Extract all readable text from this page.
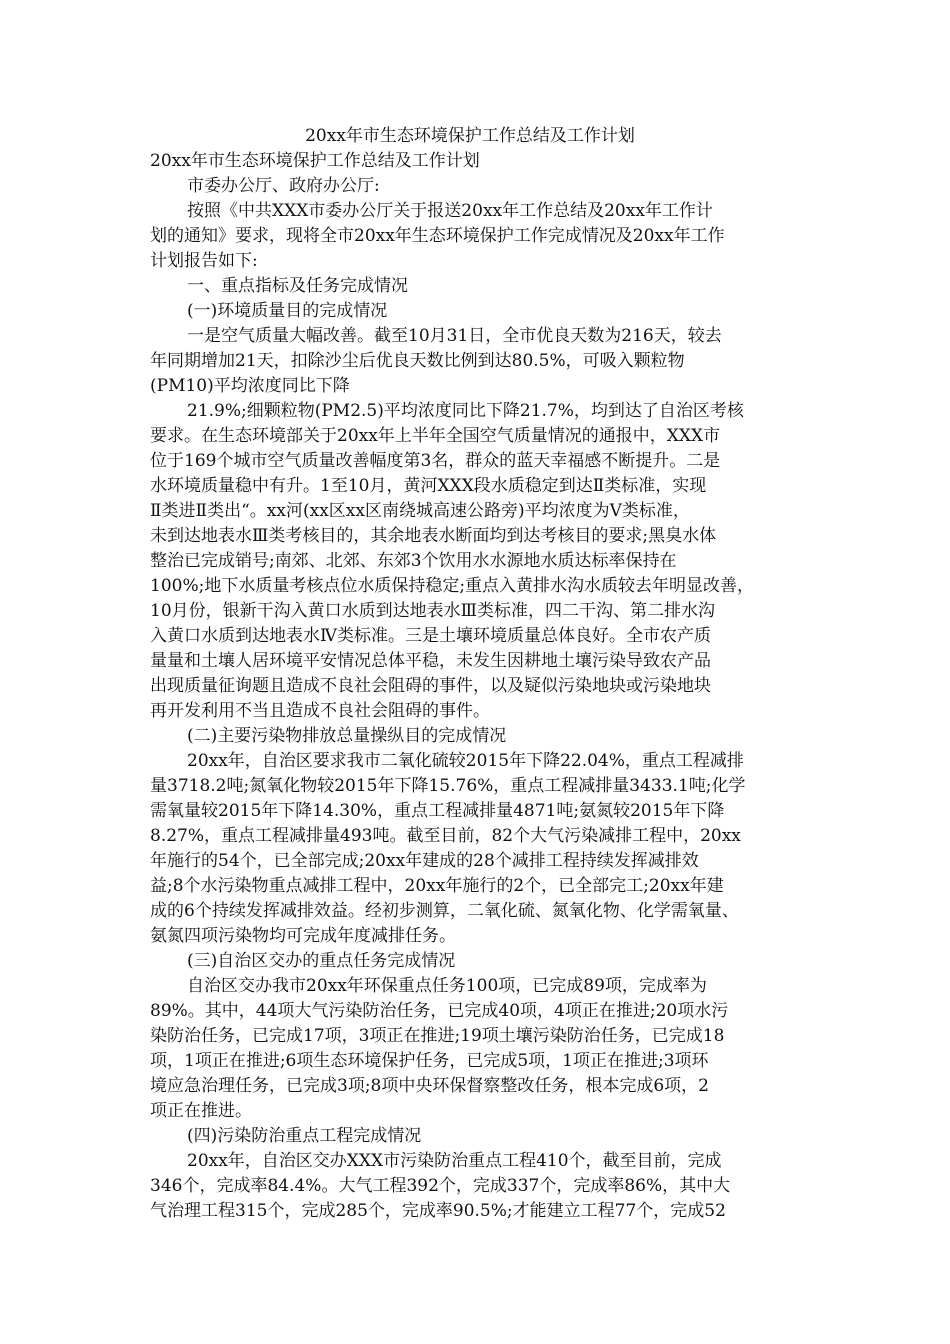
20xx年市生态环境保护工作总结及工作计划

20xx年市生态环境保护工作总结及工作计划

市委办公厅、政府办公厅:

按照《中共XXX市委办公厅关于报送20xx年工作总结及20xx年工作计

划的通知》要求，现将全市20xx年生态环境保护工作完成情况及20xx年工作

计划报告如下:

一、重点指标及任务完成情况

(一)环境质量目的完成情况

一是空气质量大幅改善。截至10月31日，全市优良天数为216天，较去

年同期增加21天，扣除沙尘后优良天数比例到达80.5%，可吸入颗粒物

(PM10)平均浓度同比下降

21.9%;细颗粒物(PM2.5)平均浓度同比下降21.7%，均到达了自治区考核

要求。在生态环境部关于20xx年上半年全国空气质量情况的通报中，XXX市

位于169个城市空气质量改善幅度第3名，群众的蓝天幸福感不断提升。二是

水环境质量稳中有升。1至10月，黄河XXX段水质稳定到达Ⅱ类标准，实现

Ⅱ类进Ⅱ类出“。xx河(xx区xx区南绕城高速公路旁)平均浓度为Ⅴ类标准，

未到达地表水Ⅲ类考核目的，其余地表水断面均到达考核目的要求;黑臭水体

整治已完成销号;南郊、北郊、东郊3个饮用水水源地水质达标率保持在

100%;地下水质量考核点位水质保持稳定;重点入黄排水沟水质较去年明显改善，

10月份，银新干沟入黄口水质到达地表水Ⅲ类标准，四二干沟、第二排水沟

入黄口水质到达地表水Ⅳ类标准。三是土壤环境质量总体良好。全市农产质

量量和土壤人居环境平安情况总体平稳，未发生因耕地土壤污染导致农产品

出现质量征询题且造成不良社会阻碍的事件，以及疑似污染地块或污染地块

再开发利用不当且造成不良社会阻碍的事件。

(二)主要污染物排放总量操纵目的完成情况

20xx年，自治区要求我市二氧化硫较2015年下降22.04%，重点工程减排

量3718.2吨;氮氧化物较2015年下降15.76%，重点工程减排量3433.1吨;化学

需氧量较2015年下降14.30%，重点工程减排量4871吨;氨氮较2015年下降

8.27%，重点工程减排量493吨。截至目前，82个大气污染减排工程中，20xx

年施行的54个，已全部完成;20xx年建成的28个减排工程持续发挥减排效

益;8个水污染物重点减排工程中，20xx年施行的2个，已全部完工;20xx年建

成的6个持续发挥减排效益。经初步测算，二氧化硫、氮氧化物、化学需氧量、

氨氮四项污染物均可完成年度减排任务。

(三)自治区交办的重点任务完成情况

自治区交办我市20xx年环保重点任务100项，已完成89项，完成率为

89%。其中，44项大气污染防治任务，已完成40项，4项正在推进;20项水污

染防治任务，已完成17项，3项正在推进;19项土壤污染防治任务，已完成18

项，1项正在推进;6项生态环境保护任务，已完成5项，1项正在推进;3项环

境应急治理任务，已完成3项;8项中央环保督察整改任务，根本完成6项，2

项正在推进。

(四)污染防治重点工程完成情况

20xx年，自治区交办XXX市污染防治重点工程410个，截至目前，完成

346个，完成率84.4%。大气工程392个，完成337个，完成率86%，其中大

气治理工程315个，完成285个，完成率90.5%;才能建立工程77个，完成52
